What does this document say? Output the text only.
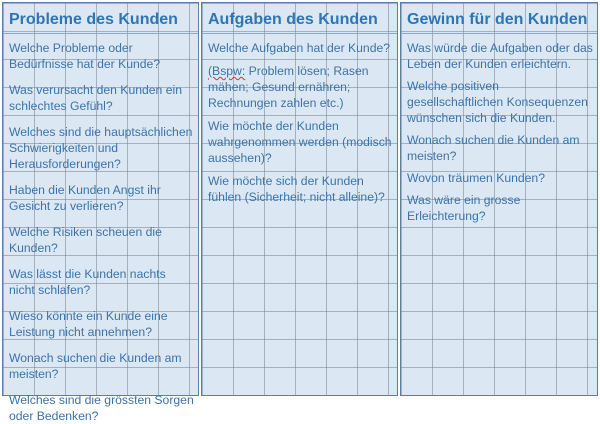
Probleme des Kunden
Welche Probleme oder Bedürfnisse hat der Kunde?
Was verursacht den Kunden ein schlechtes Gefühl?
Welches sind die hauptsächlichen Schwierigkeiten und Herausforderungen?
Haben die Kunden Angst ihr Gesicht zu verlieren?
Welche Risiken scheuen die Kunden?
Was lässt die Kunden nachts nicht schlafen?
Wieso könnte ein Kunde eine Leistung nicht annehmen?
Wonach suchen die Kunden am meisten?
Welches sind die grössten Sorgen oder Bedenken?
Aufgaben des Kunden
Welche Aufgaben hat der Kunde?
(Bspw: Problem lösen; Rasen mähen; Gesund ernähren; Rechnungen zahlen etc.)
Wie möchte der Kunden wahrgenommen werden (modisch aussehen)?
Wie möchte sich der Kunden fühlen (Sicherheit; nicht alleine)?
Gewinn für den Kunden
Was würde die Aufgaben oder das Leben der Kunden erleichtern.
Welche positiven gesellschaftlichen Konsequenzen wünschen sich die Kunden.
Wonach suchen die Kunden am meisten?
Wovon träumen Kunden?
Was wäre ein grosse Erleichterung?
